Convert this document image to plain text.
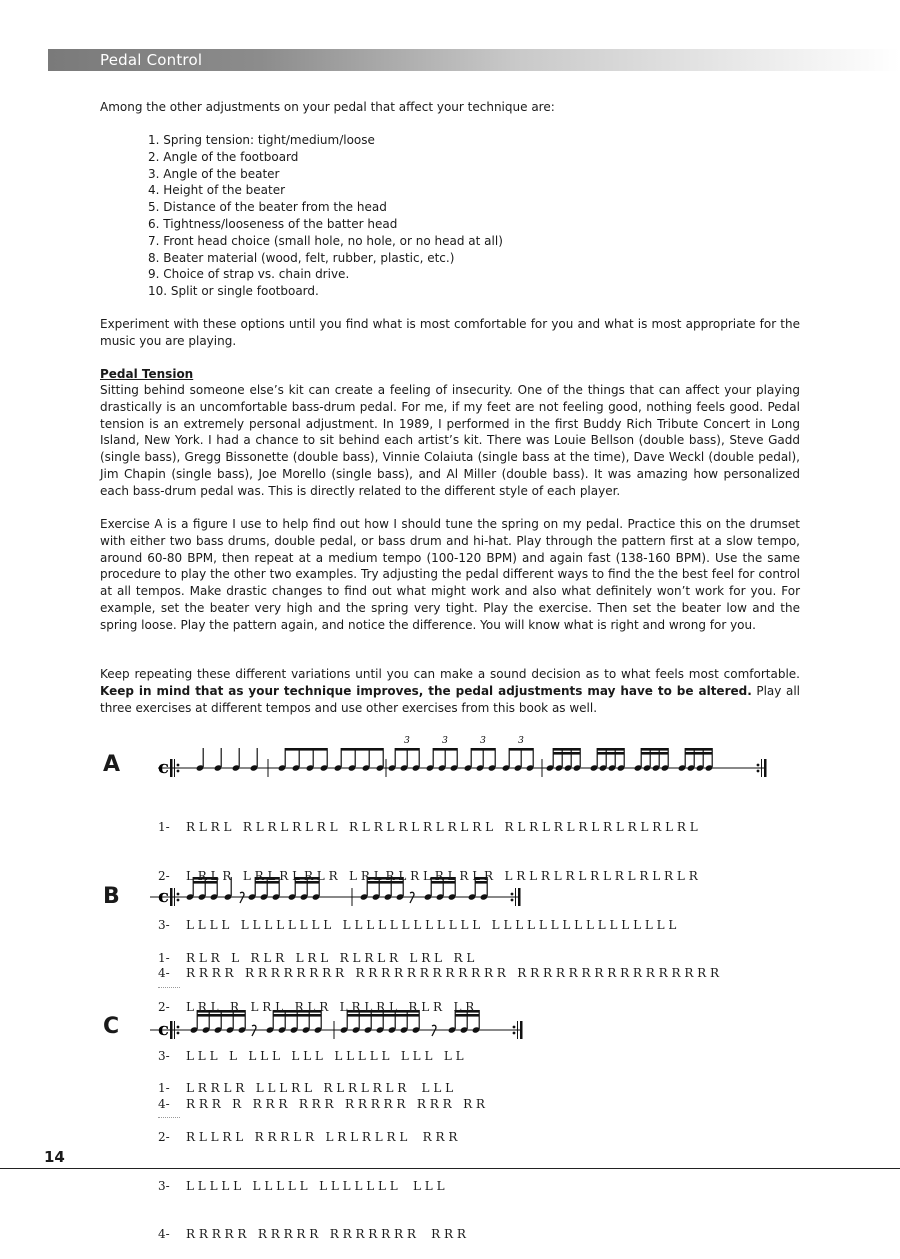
Pedal Control

Among the other adjustments on your pedal that affect your technique are:

1. Spring tension: tight/medium/loose
2. Angle of the footboard
3. Angle of the beater
4. Height of the beater
5. Distance of the beater from the head
6. Tightness/looseness of the batter head
7. Front head choice (small hole, no hole, or no head at all)
8. Beater material (wood, felt, rubber, plastic, etc.)
9. Choice of strap vs. chain drive.
10. Split or single footboard.

Experiment with these options until you find what is most comfortable for you and what is most appropriate for the music you are playing.

Pedal Tension

Sitting behind someone else’s kit can create a feeling of insecurity. One of the things that can affect your playing drastically is an uncomfortable bass-drum pedal. For me, if my feet are not feeling good, nothing feels good. Pedal tension is an extremely personal adjustment. In 1989, I performed in the first Buddy Rich Tribute Concert in Long Island, New York. I had a chance to sit behind each artist’s kit. There was Louie Bellson (double bass), Steve Gadd (single bass), Gregg Bissonette (double bass), Vinnie Colaiuta (single bass at the time), Dave Weckl (double pedal), Jim Chapin (single bass), Joe Morello (single bass), and Al Miller (double bass). It was amazing how personalized each bass-drum pedal was. This is directly related to the different style of each player.

Exercise A is a figure I use to help find out how I should tune the spring on my pedal. Practice this on the drumset with either two bass drums, double pedal, or bass drum and hi-hat. Play through the pattern first at a slow tempo, around 60-80 BPM, then repeat at a medium tempo (100-120 BPM) and again fast (138-160 BPM). Use the same procedure to play the other two examples. Try adjusting the pedal different ways to find the the best feel for control at all tempos. Make drastic changes to find out what might work and also what definitely won’t work for you. For example, set the beater very high and the spring very tight. Play the exercise. Then set the beater low and the spring loose. Play the pattern again, and notice the difference. You will know what is right and wrong for you.

Keep repeating these different variations until you can make a sound decision as to what feels most comfortable. Keep in mind that as your technique improves, the pedal adjustments may have to be altered. Play all three exercises at different tempos and use other exercises from this book as well.

A
B
C
c
3	3	3	3
c
c

1- R L R L   R L R L R L R L   R L R L R L R L R L R L   R L R L R L R L R L R L R L R L

2- L R L R   L R L R L R L R   L R L R L R L R L R L R   L R L R L R L R L R L R L R L R

3- L L L L   L L L L L L L L   L L L L L L L L L L L L   L L L L L L L L L L L L L L L L

4- R R R R   R R R R R R R R   R R R R R R R R R R R R   R R R R R R R R R R R R R R R R

1- R L R   L   R L R   L R L   R L R L R   L R L   R L

2- L R L   R   L R L   R L R   L R L R L   R L R   L R

3- L L L   L   L L L   L L L   L L L L L   L L L   L L

4- R R R   R   R R R   R R R   R R R R R   R R R   R R

1- L R R L R   L L L R L   R L R L R L R    L L L

2- R L L R L   R R R L R   L R L R L R L    R R R

3- L L L L L   L L L L L   L L L L L L L    L L L

4- R R R R R   R R R R R   R R R R R R R    R R R

14
